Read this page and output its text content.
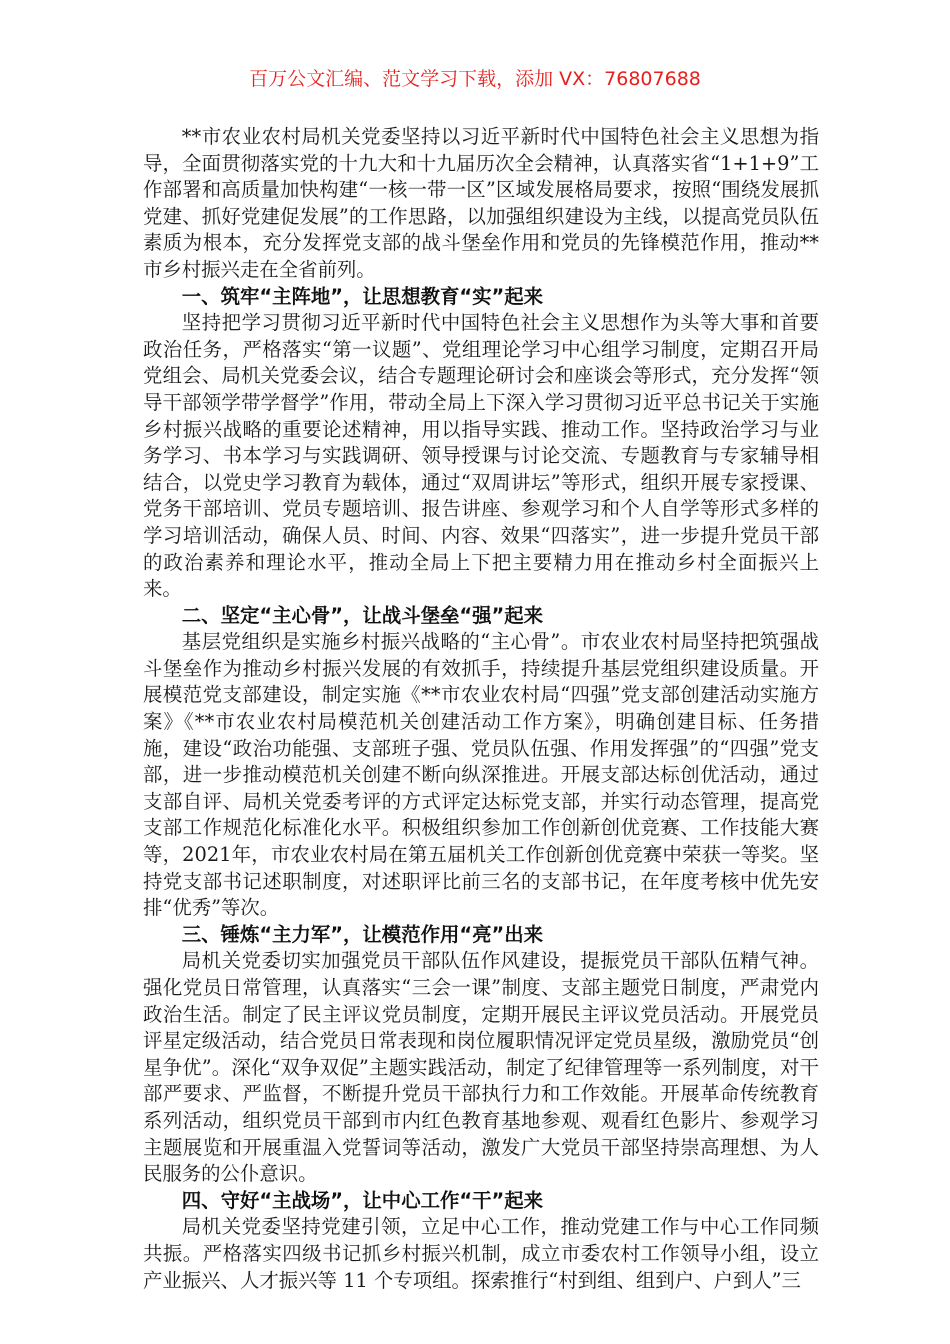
百万公文汇编、范文学习下载，添加 VX：76807688

**市农业农村局机关党委坚持以习近平新时代中国特色社会主义思想为指导，全面贯彻落实党的十九大和十九届历次全会精神，认真落实省“1+1+9”工作部署和高质量加快构建“一核一带一区”区域发展格局要求，按照“围绕发展抓党建、抓好党建促发展”的工作思路，以加强组织建设为主线，以提高党员队伍素质为根本，充分发挥党支部的战斗堡垒作用和党员的先锋模范作用，推动**市乡村振兴走在全省前列。

一、筑牢“主阵地”，让思想教育“实”起来

坚持把学习贯彻习近平新时代中国特色社会主义思想作为头等大事和首要政治任务，严格落实“第一议题”、党组理论学习中心组学习制度，定期召开局党组会、局机关党委会议，结合专题理论研讨会和座谈会等形式，充分发挥“领导干部领学带学督学”作用，带动全局上下深入学习贯彻习近平总书记关于实施乡村振兴战略的重要论述精神，用以指导实践、推动工作。坚持政治学习与业务学习、书本学习与实践调研、领导授课与讨论交流、专题教育与专家辅导相结合，以党史学习教育为载体，通过“双周讲坛”等形式，组织开展专家授课、党务干部培训、党员专题培训、报告讲座、参观学习和个人自学等形式多样的学习培训活动，确保人员、时间、内容、效果“四落实”，进一步提升党员干部的政治素养和理论水平，推动全局上下把主要精力用在推动乡村全面振兴上来。

二、坚定“主心骨”，让战斗堡垒“强”起来

基层党组织是实施乡村振兴战略的“主心骨”。市农业农村局坚持把筑强战斗堡垒作为推动乡村振兴发展的有效抓手，持续提升基层党组织建设质量。开展模范党支部建设，制定实施《**市农业农村局“四强”党支部创建活动实施方案》《**市农业农村局模范机关创建活动工作方案》，明确创建目标、任务措施，建设“政治功能强、支部班子强、党员队伍强、作用发挥强”的“四强”党支部，进一步推动模范机关创建不断向纵深推进。开展支部达标创优活动，通过支部自评、局机关党委考评的方式评定达标党支部，并实行动态管理，提高党支部工作规范化标准化水平。积极组织参加工作创新创优竞赛、工作技能大赛等，2021年，市农业农村局在第五届机关工作创新创优竞赛中荣获一等奖。坚持党支部书记述职制度，对述职评比前三名的支部书记，在年度考核中优先安排“优秀”等次。

三、锤炼“主力军”，让模范作用“亮”出来

局机关党委切实加强党员干部队伍作风建设，提振党员干部队伍精气神。强化党员日常管理，认真落实“三会一课”制度、支部主题党日制度，严肃党内政治生活。制定了民主评议党员制度，定期开展民主评议党员活动。开展党员评星定级活动，结合党员日常表现和岗位履职情况评定党员星级，激励党员“创星争优”。深化“双争双促”主题实践活动，制定了纪律管理等一系列制度，对干部严要求、严监督，不断提升党员干部执行力和工作效能。开展革命传统教育系列活动，组织党员干部到市内红色教育基地参观、观看红色影片、参观学习主题展览和开展重温入党誓词等活动，激发广大党员干部坚持崇高理想、为人民服务的公仆意识。

四、守好“主战场”，让中心工作“干”起来

局机关党委坚持党建引领，立足中心工作，推动党建工作与中心工作同频共振。严格落实四级书记抓乡村振兴机制，成立市委农村工作领导小组，设立产业振兴、人才振兴等 11 个专项组。探索推行“村到组、组到户、户到人”三
